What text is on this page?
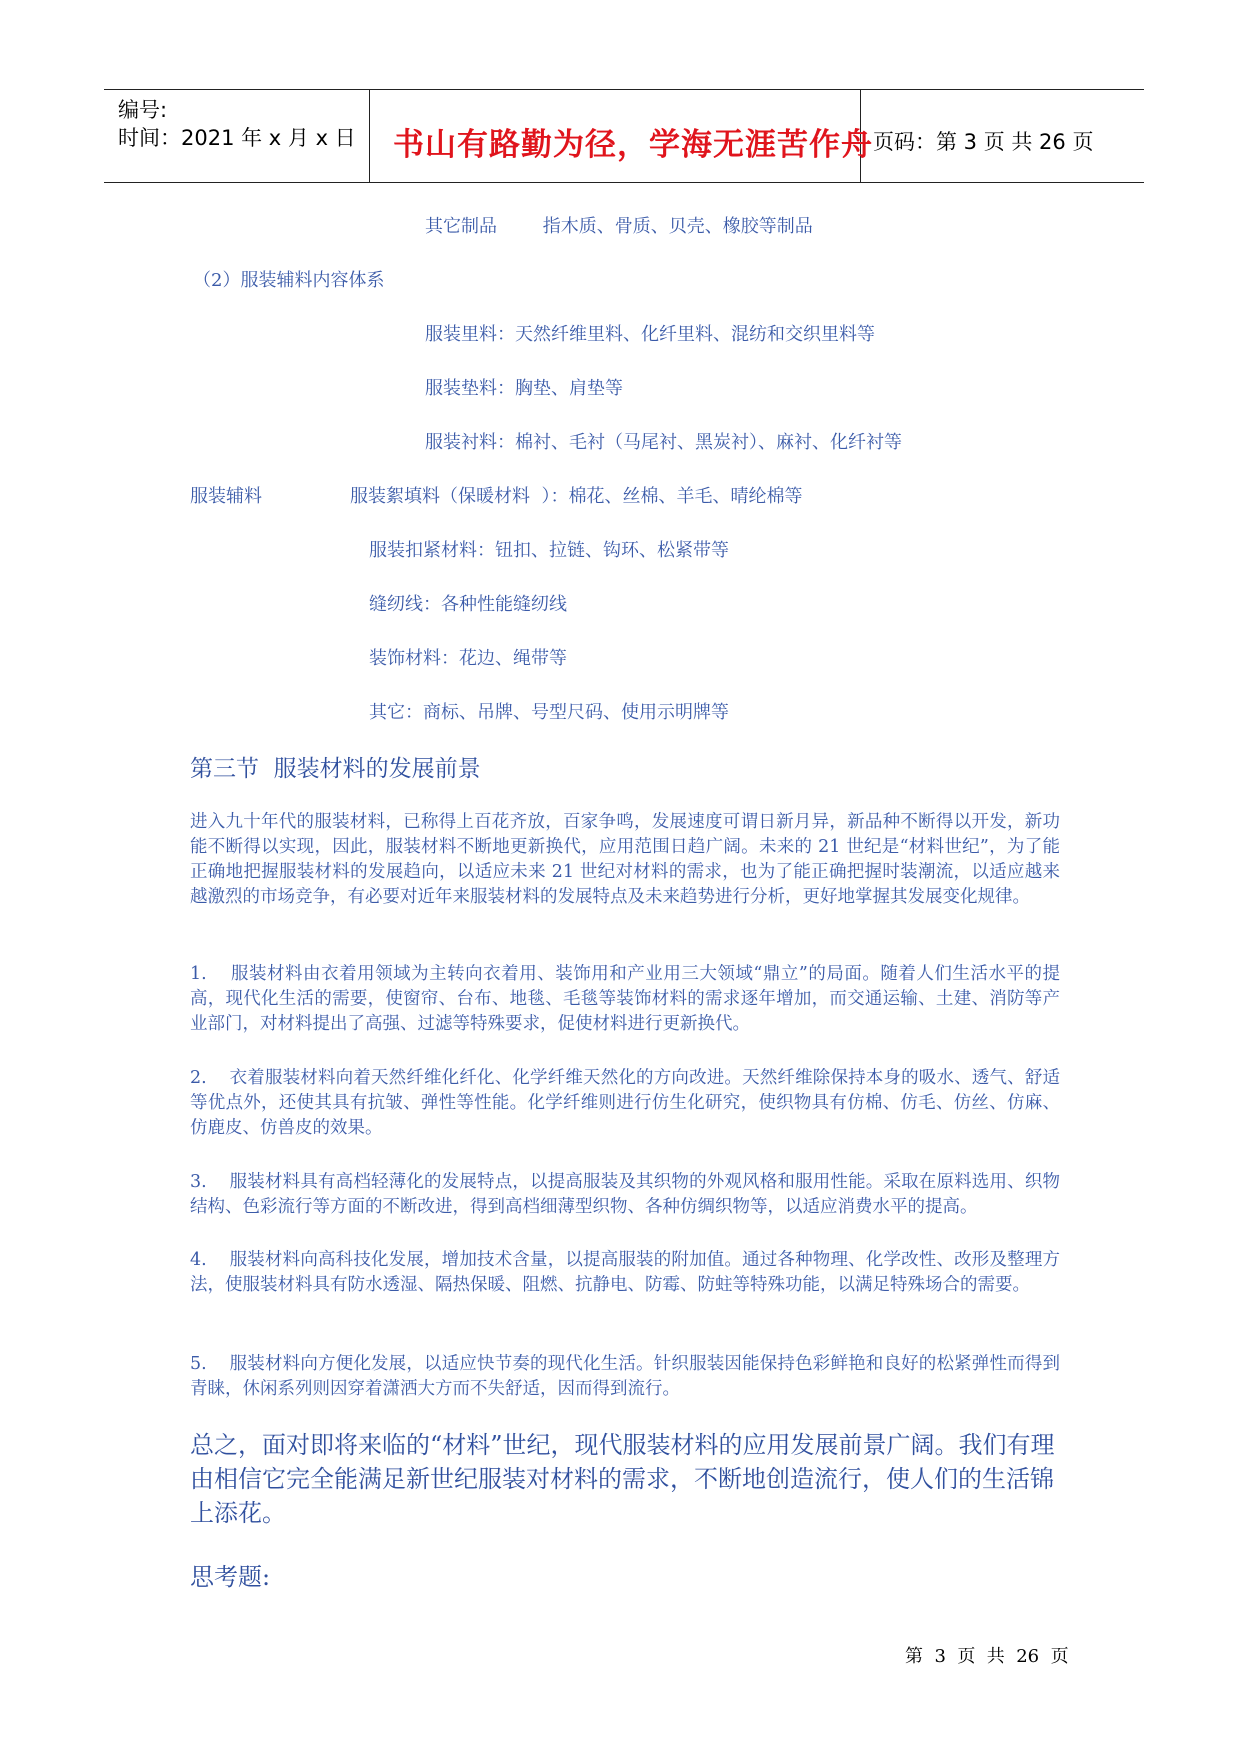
编号:
时间：2021 年 x 月 x 日 书山有路勤为径，学海无涯苦作舟 页码：第 3 页 共 26 页
其它制品        指木质、骨质、贝壳、橡胶等制品
（2）服装辅料内容体系
服装里料：天然纤维里料、化纤里料、混纺和交织里料等
服装垫料：胸垫、肩垫等
服装衬料：棉衬、毛衬（马尾衬、黑炭衬）、麻衬、化纤衬等
服装辅料	服装絮填料（保暖材料  ）：棉花、丝棉、羊毛、晴纶棉等
服装扣紧材料：钮扣、拉链、钩环、松紧带等
缝纫线：各种性能缝纫线
装饰材料：花边、绳带等
其它：商标、吊牌、号型尺码、使用示明牌等
第三节  服装材料的发展前景
进入九十年代的服装材料，已称得上百花齐放，百家争鸣，发展速度可谓日新月异，新品种不断得以开发，新功能不断得以实现，因此，服装材料不断地更新换代，应用范围日趋广阔。未来的 21 世纪是“材料世纪”，为了能正确地把握服装材料的发展趋向，以适应未来 21 世纪对材料的需求，也为了能正确把握时装潮流，以适应越来越激烈的市场竞争，有必要对近年来服装材料的发展特点及未来趋势进行分析，更好地掌握其发展变化规律。
1.    服装材料由衣着用领域为主转向衣着用、装饰用和产业用三大领域“鼎立”的局面。随着人们生活水平的提高，现代化生活的需要，使窗帘、台布、地毯、毛毯等装饰材料的需求逐年增加，而交通运输、土建、消防等产业部门，对材料提出了高强、过滤等特殊要求，促使材料进行更新换代。
2.    衣着服装材料向着天然纤维化纤化、化学纤维天然化的方向改进。天然纤维除保持本身的吸水、透气、舒适等优点外，还使其具有抗皱、弹性等性能。化学纤维则进行仿生化研究，使织物具有仿棉、仿毛、仿丝、仿麻、仿鹿皮、仿兽皮的效果。
3.    服装材料具有高档轻薄化的发展特点，以提高服装及其织物的外观风格和服用性能。采取在原料选用、织物结构、色彩流行等方面的不断改进，得到高档细薄型织物、各种仿绸织物等，以适应消费水平的提高。
4.    服装材料向高科技化发展，增加技术含量，以提高服装的附加值。通过各种物理、化学改性、改形及整理方法，使服装材料具有防水透湿、隔热保暖、阻燃、抗静电、防霉、防蛀等特殊功能，以满足特殊场合的需要。
5.    服装材料向方便化发展，以适应快节奏的现代化生活。针织服装因能保持色彩鲜艳和良好的松紧弹性而得到青睐，休闲系列则因穿着潇洒大方而不失舒适，因而得到流行。
总之，面对即将来临的“材料”世纪，现代服装材料的应用发展前景广阔。我们有理由相信它完全能满足新世纪服装对材料的需求，不断地创造流行，使人们的生活锦上添花。
思考题:
第  3  页  共  26  页
